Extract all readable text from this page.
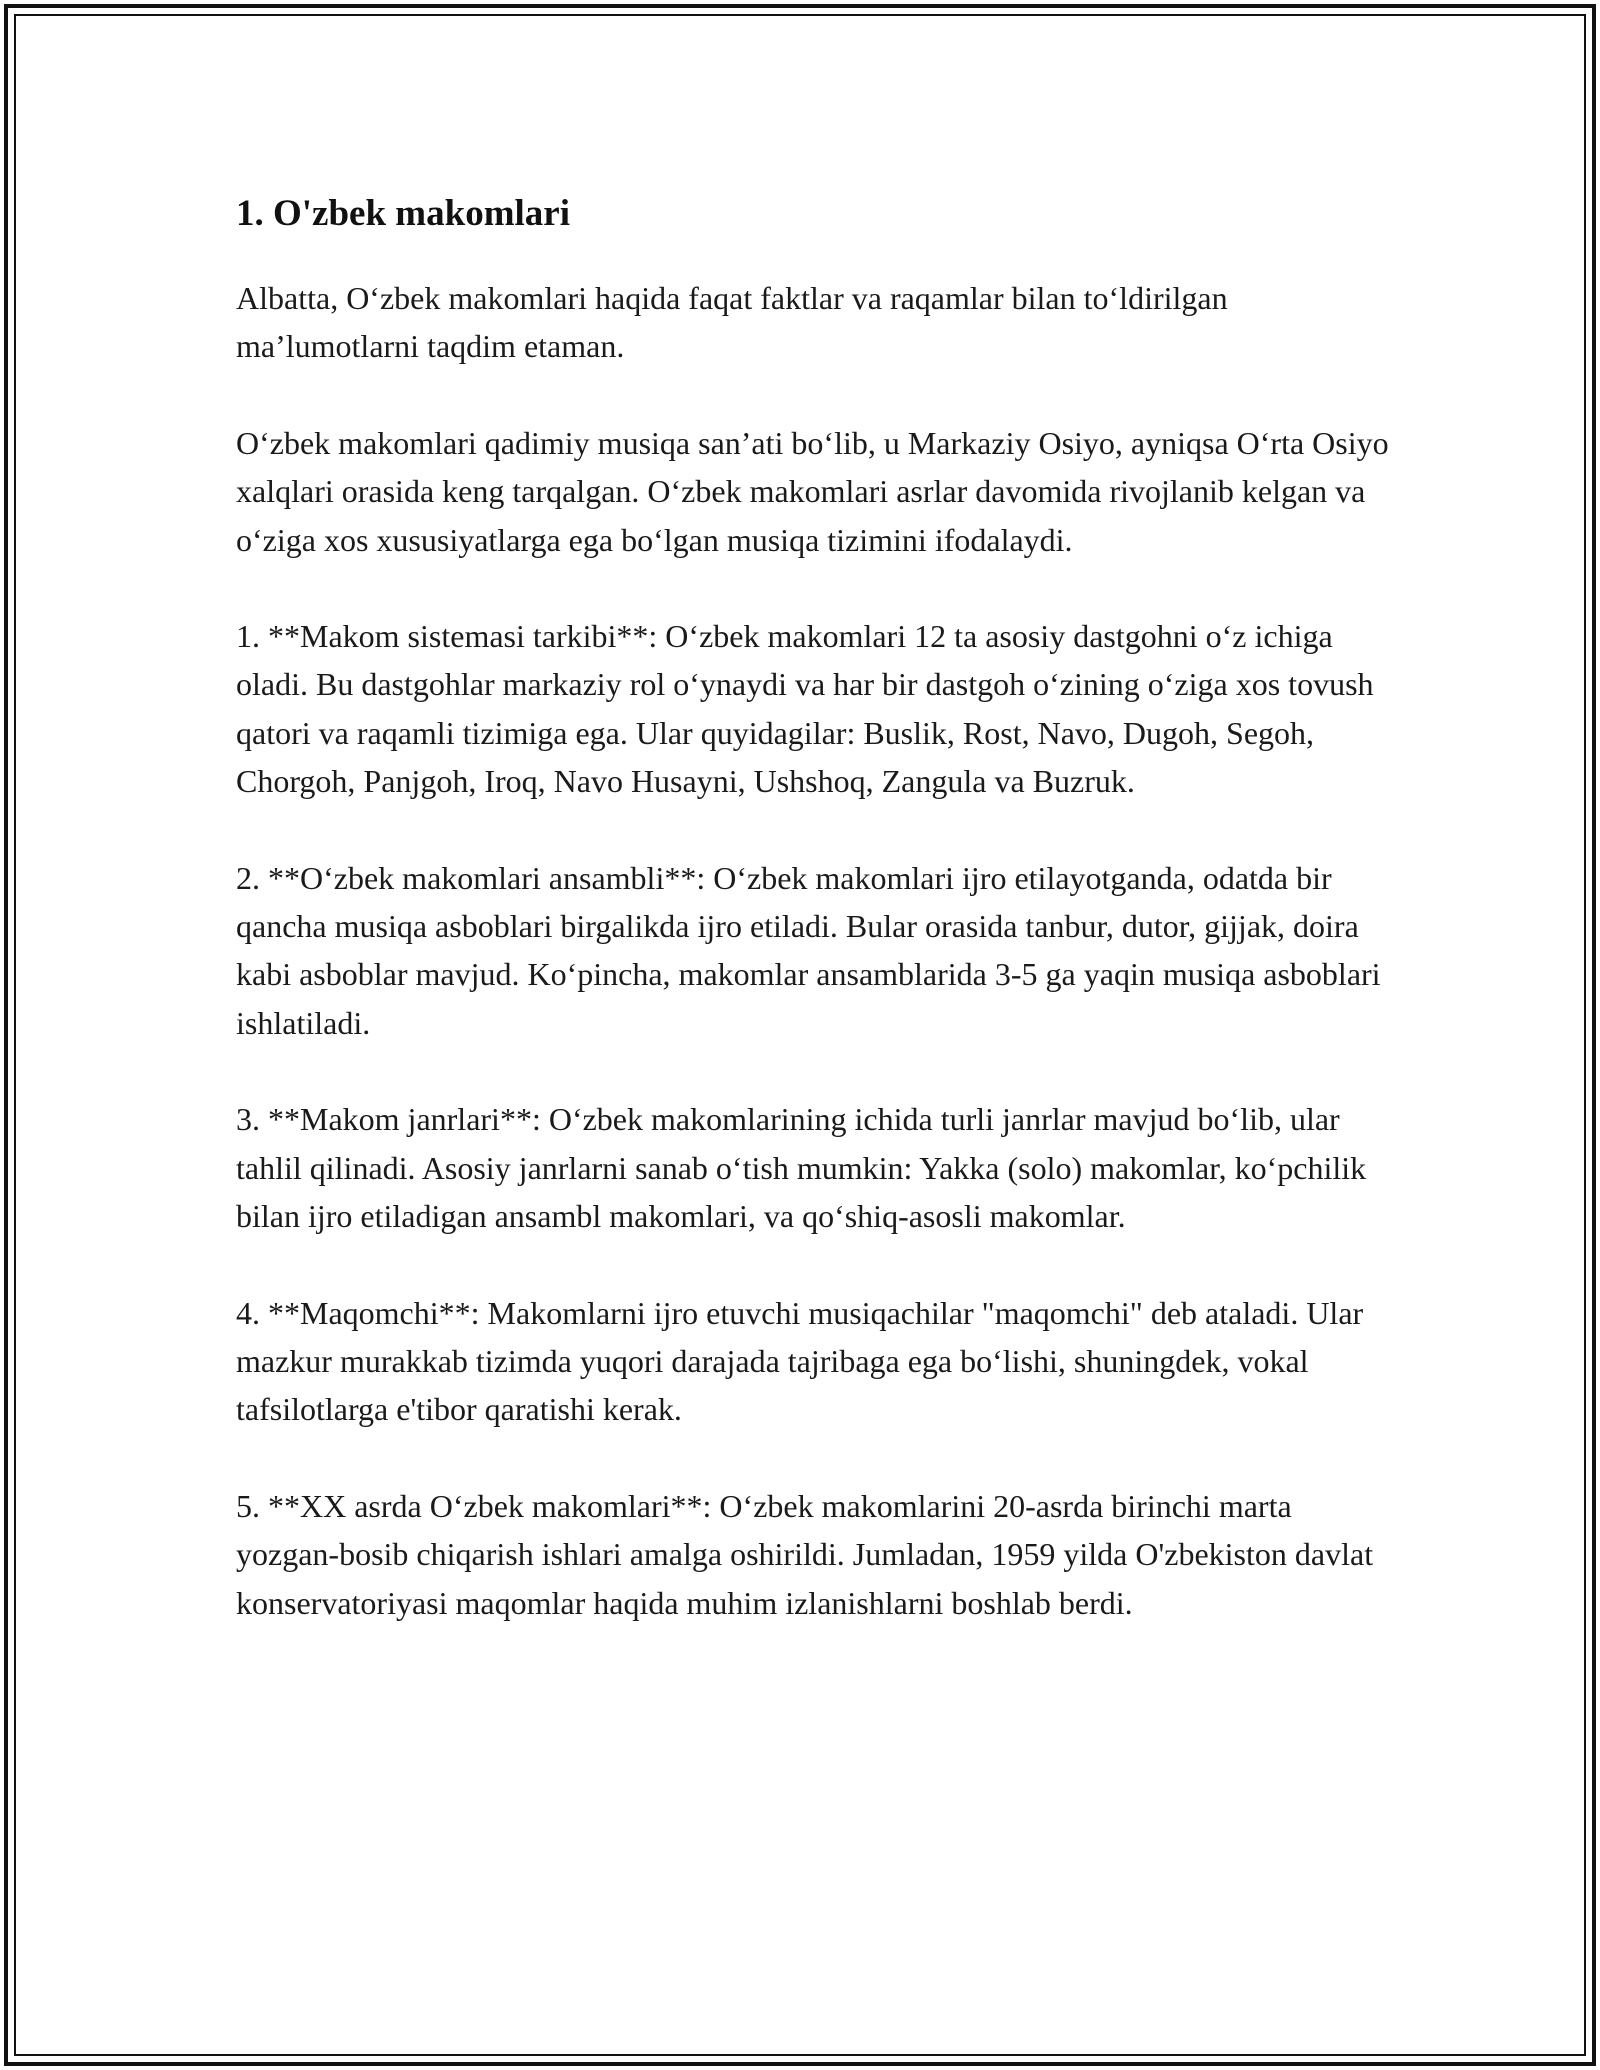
1. O'zbek makomlari

Albatta, O‘zbek makomlari haqida faqat faktlar va raqamlar bilan to‘ldirilgan ma’lumotlarni taqdim etaman.

O‘zbek makomlari qadimiy musiqa san’ati bo‘lib, u Markaziy Osiyo, ayniqsa O‘rta Osiyo xalqlari orasida keng tarqalgan. O‘zbek makomlari asrlar davomida rivojlanib kelgan va o‘ziga xos xususiyatlarga ega bo‘lgan musiqa tizimini ifodalaydi.

1. **Makom sistemasi tarkibi**: O‘zbek makomlari 12 ta asosiy dastgohni o‘z ichiga oladi. Bu dastgohlar markaziy rol o‘ynaydi va har bir dastgoh o‘zining o‘ziga xos tovush qatori va raqamli tizimiga ega. Ular quyidagilar: Buslik, Rost, Navo, Dugoh, Segoh, Chorgoh, Panjgoh, Iroq, Navo Husayni, Ushshoq, Zangula va Buzruk.

2. **O‘zbek makomlari ansambli**: O‘zbek makomlari ijro etilayotganda, odatda bir qancha musiqa asboblari birgalikda ijro etiladi. Bular orasida tanbur, dutor, gijjak, doira kabi asboblar mavjud. Ko‘pincha, makomlar ansamblarida 3-5 ga yaqin musiqa asboblari ishlatiladi.

3. **Makom janrlari**: O‘zbek makomlarining ichida turli janrlar mavjud bo‘lib, ular tahlil qilinadi. Asosiy janrlarni sanab o‘tish mumkin: Yakka (solo) makomlar, ko‘pchilik bilan ijro etiladigan ansambl makomlari, va qo‘shiq-asosli makomlar.

4. **Maqomchi**: Makomlarni ijro etuvchi musiqachilar "maqomchi" deb ataladi. Ular mazkur murakkab tizimda yuqori darajada tajribaga ega bo‘lishi, shuningdek, vokal tafsilotlarga e'tibor qaratishi kerak.

5. **XX asrda O‘zbek makomlari**: O‘zbek makomlarini 20-asrda birinchi marta yozgan-bosib chiqarish ishlari amalga oshirildi. Jumladan, 1959 yilda O'zbekiston davlat konservatoriyasi maqomlar haqida muhim izlanishlarni boshlab berdi.
